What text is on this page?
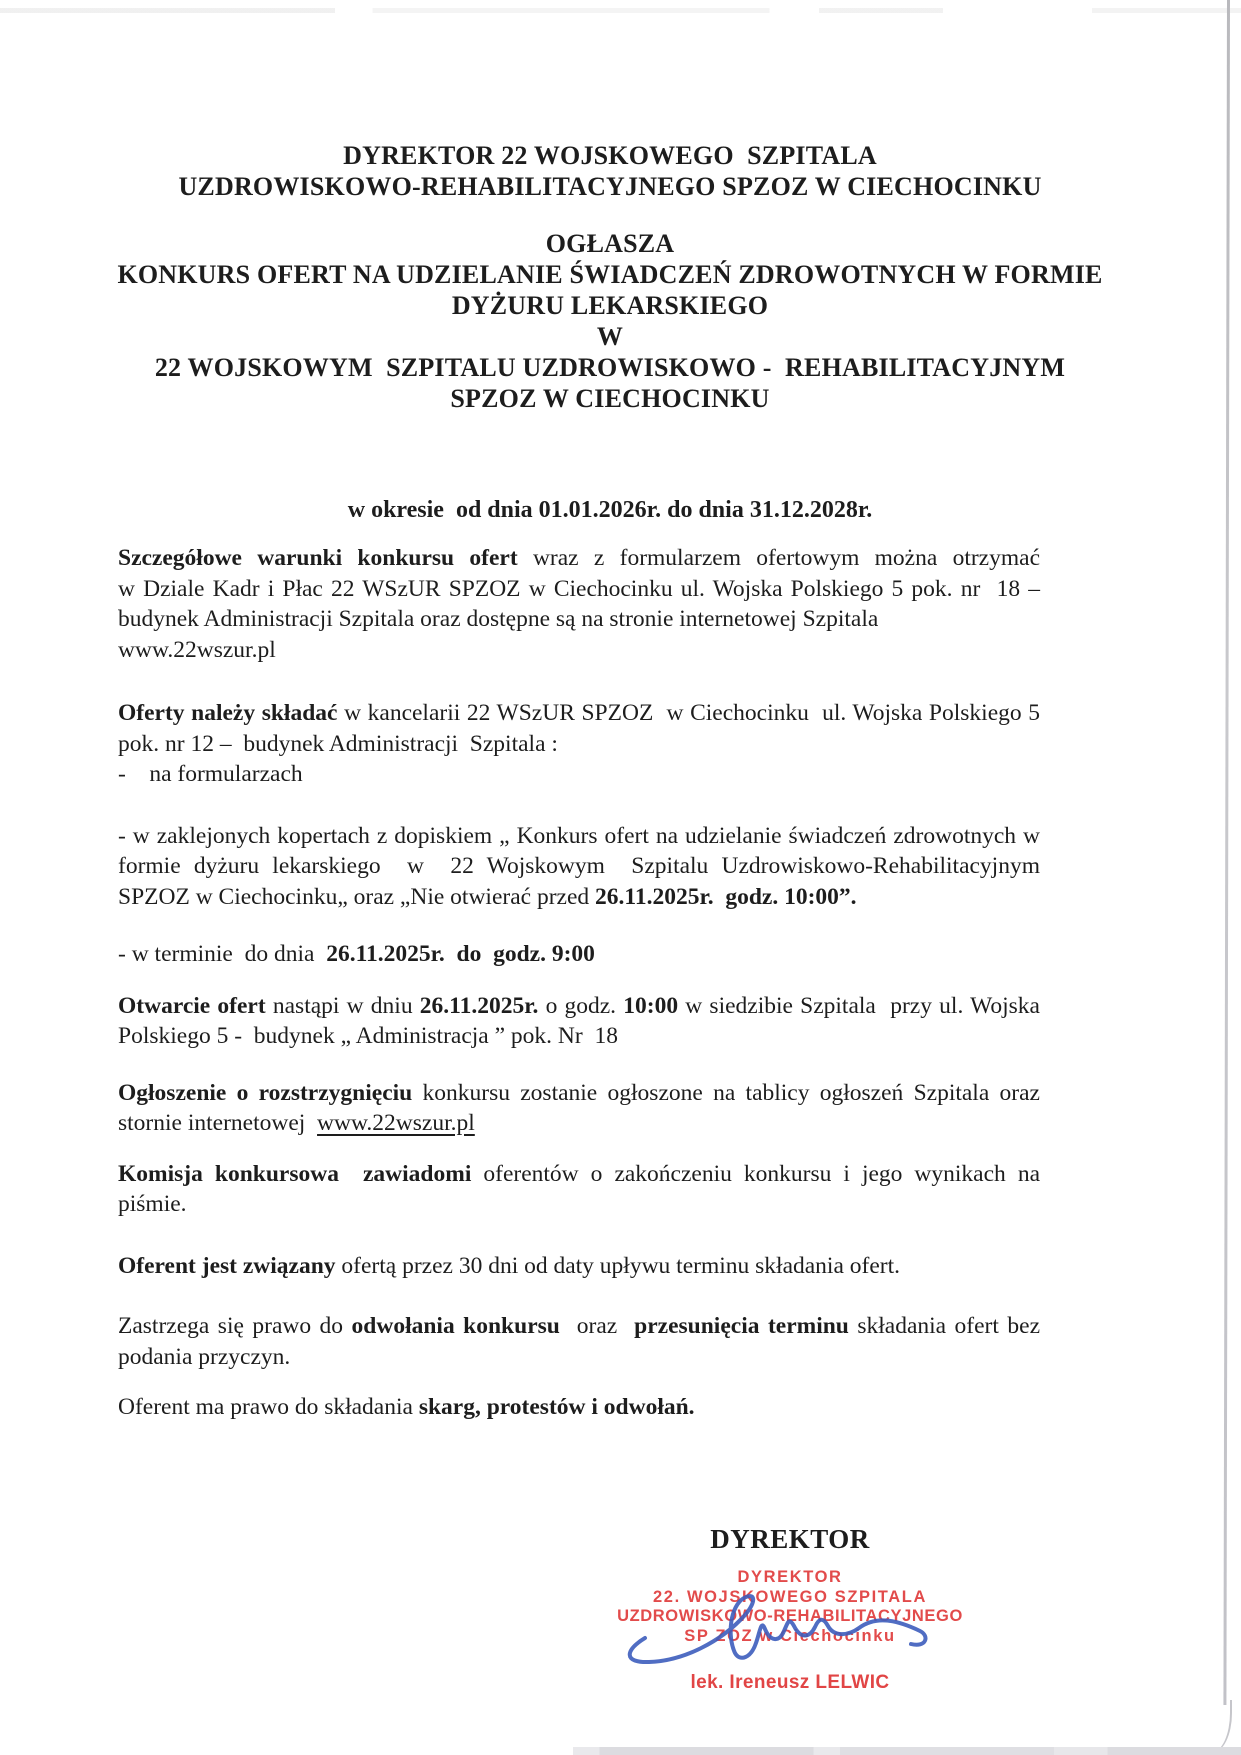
DYREKTOR 22 WOJSKOWEGO  SZPITALA
UZDROWISKOWO-REHABILITACYJNEGO SPZOZ W CIECHOCINKU
OGŁASZA
KONKURS OFERT NA UDZIELANIE ŚWIADCZEŃ ZDROWOTNYCH W FORMIE
DYŻURU LEKARSKIEGO
W
22 WOJSKOWYM  SZPITALU UZDROWISKOWO -  REHABILITACYJNYM
SPZOZ W CIECHOCINKU
w okresie  od dnia 01.01.2026r. do dnia 31.12.2028r.

Szczegółowe warunki konkursu ofert wraz z formularzem ofertowym można otrzymać w Dziale Kadr i Płac 22 WSzUR SPZOZ w Ciechocinku ul. Wojska Polskiego 5 pok. nr  18 – budynek Administracji Szpitala oraz dostępne są na stronie internetowej Szpitala
www.22wszur.pl

Oferty należy składać w kancelarii 22 WSzUR SPZOZ  w Ciechocinku  ul. Wojska Polskiego 5 pok. nr 12 –  budynek Administracji  Szpitala :

-    na formularzach

- w zaklejonych kopertach z dopiskiem „ Konkurs ofert na udzielanie świadczeń zdrowotnych w formie dyżuru lekarskiego  w  22 Wojskowym  Szpitalu Uzdrowiskowo-Rehabilitacyjnym SPZOZ w Ciechocinku„ oraz „Nie otwierać przed 26.11.2025r.  godz. 10:00”.

- w terminie  do dnia  26.11.2025r.  do  godz. 9:00

Otwarcie ofert nastąpi w dniu 26.11.2025r. o godz. 10:00 w siedzibie Szpitala  przy ul. Wojska Polskiego 5 -  budynek „ Administracja ” pok. Nr  18

Ogłoszenie o rozstrzygnięciu konkursu zostanie ogłoszone na tablicy ogłoszeń Szpitala oraz stornie internetowej  www.22wszur.pl

Komisja konkursowa  zawiadomi oferentów o zakończeniu konkursu i jego wynikach na piśmie.

Oferent jest związany ofertą przez 30 dni od daty upływu terminu składania ofert.

Zastrzega się prawo do odwołania konkursu  oraz  przesunięcia terminu składania ofert bez podania przyczyn.

Oferent ma prawo do składania skarg, protestów i odwołań.

DYREKTOR
DYREKTOR
22. WOJSKOWEGO SZPITALA
UZDROWISKOWO-REHABILITACYJNEGO
SP ZOZ w Ciechocinku
lek. Ireneusz LELWIC
